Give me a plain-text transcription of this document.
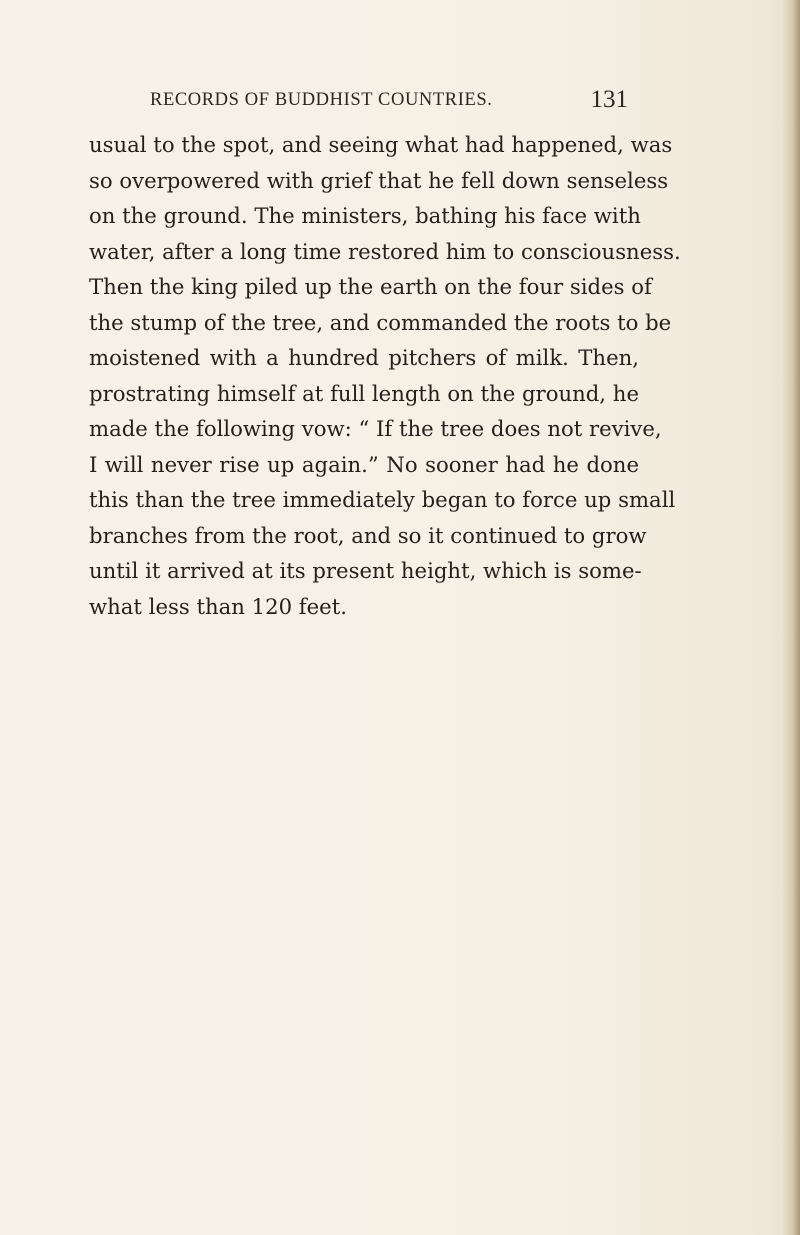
RECORDS OF BUDDHIST COUNTRIES.	131
usual to the spot, and seeing what had happened, was
so overpowered with grief that he fell down senseless
on the ground. The ministers, bathing his face with
water, after a long time restored him to consciousness.
Then the king piled up the earth on the four sides of
the stump of the tree, and commanded the roots to be
moistened with a hundred pitchers of milk. Then,
prostrating himself at full length on the ground, he
made the following vow: “ If the tree does not revive,
I will never rise up again.” No sooner had he done
this than the tree immediately began to force up small
branches from the root, and so it continued to grow
until it arrived at its present height, which is some-
what less than 120 feet.
